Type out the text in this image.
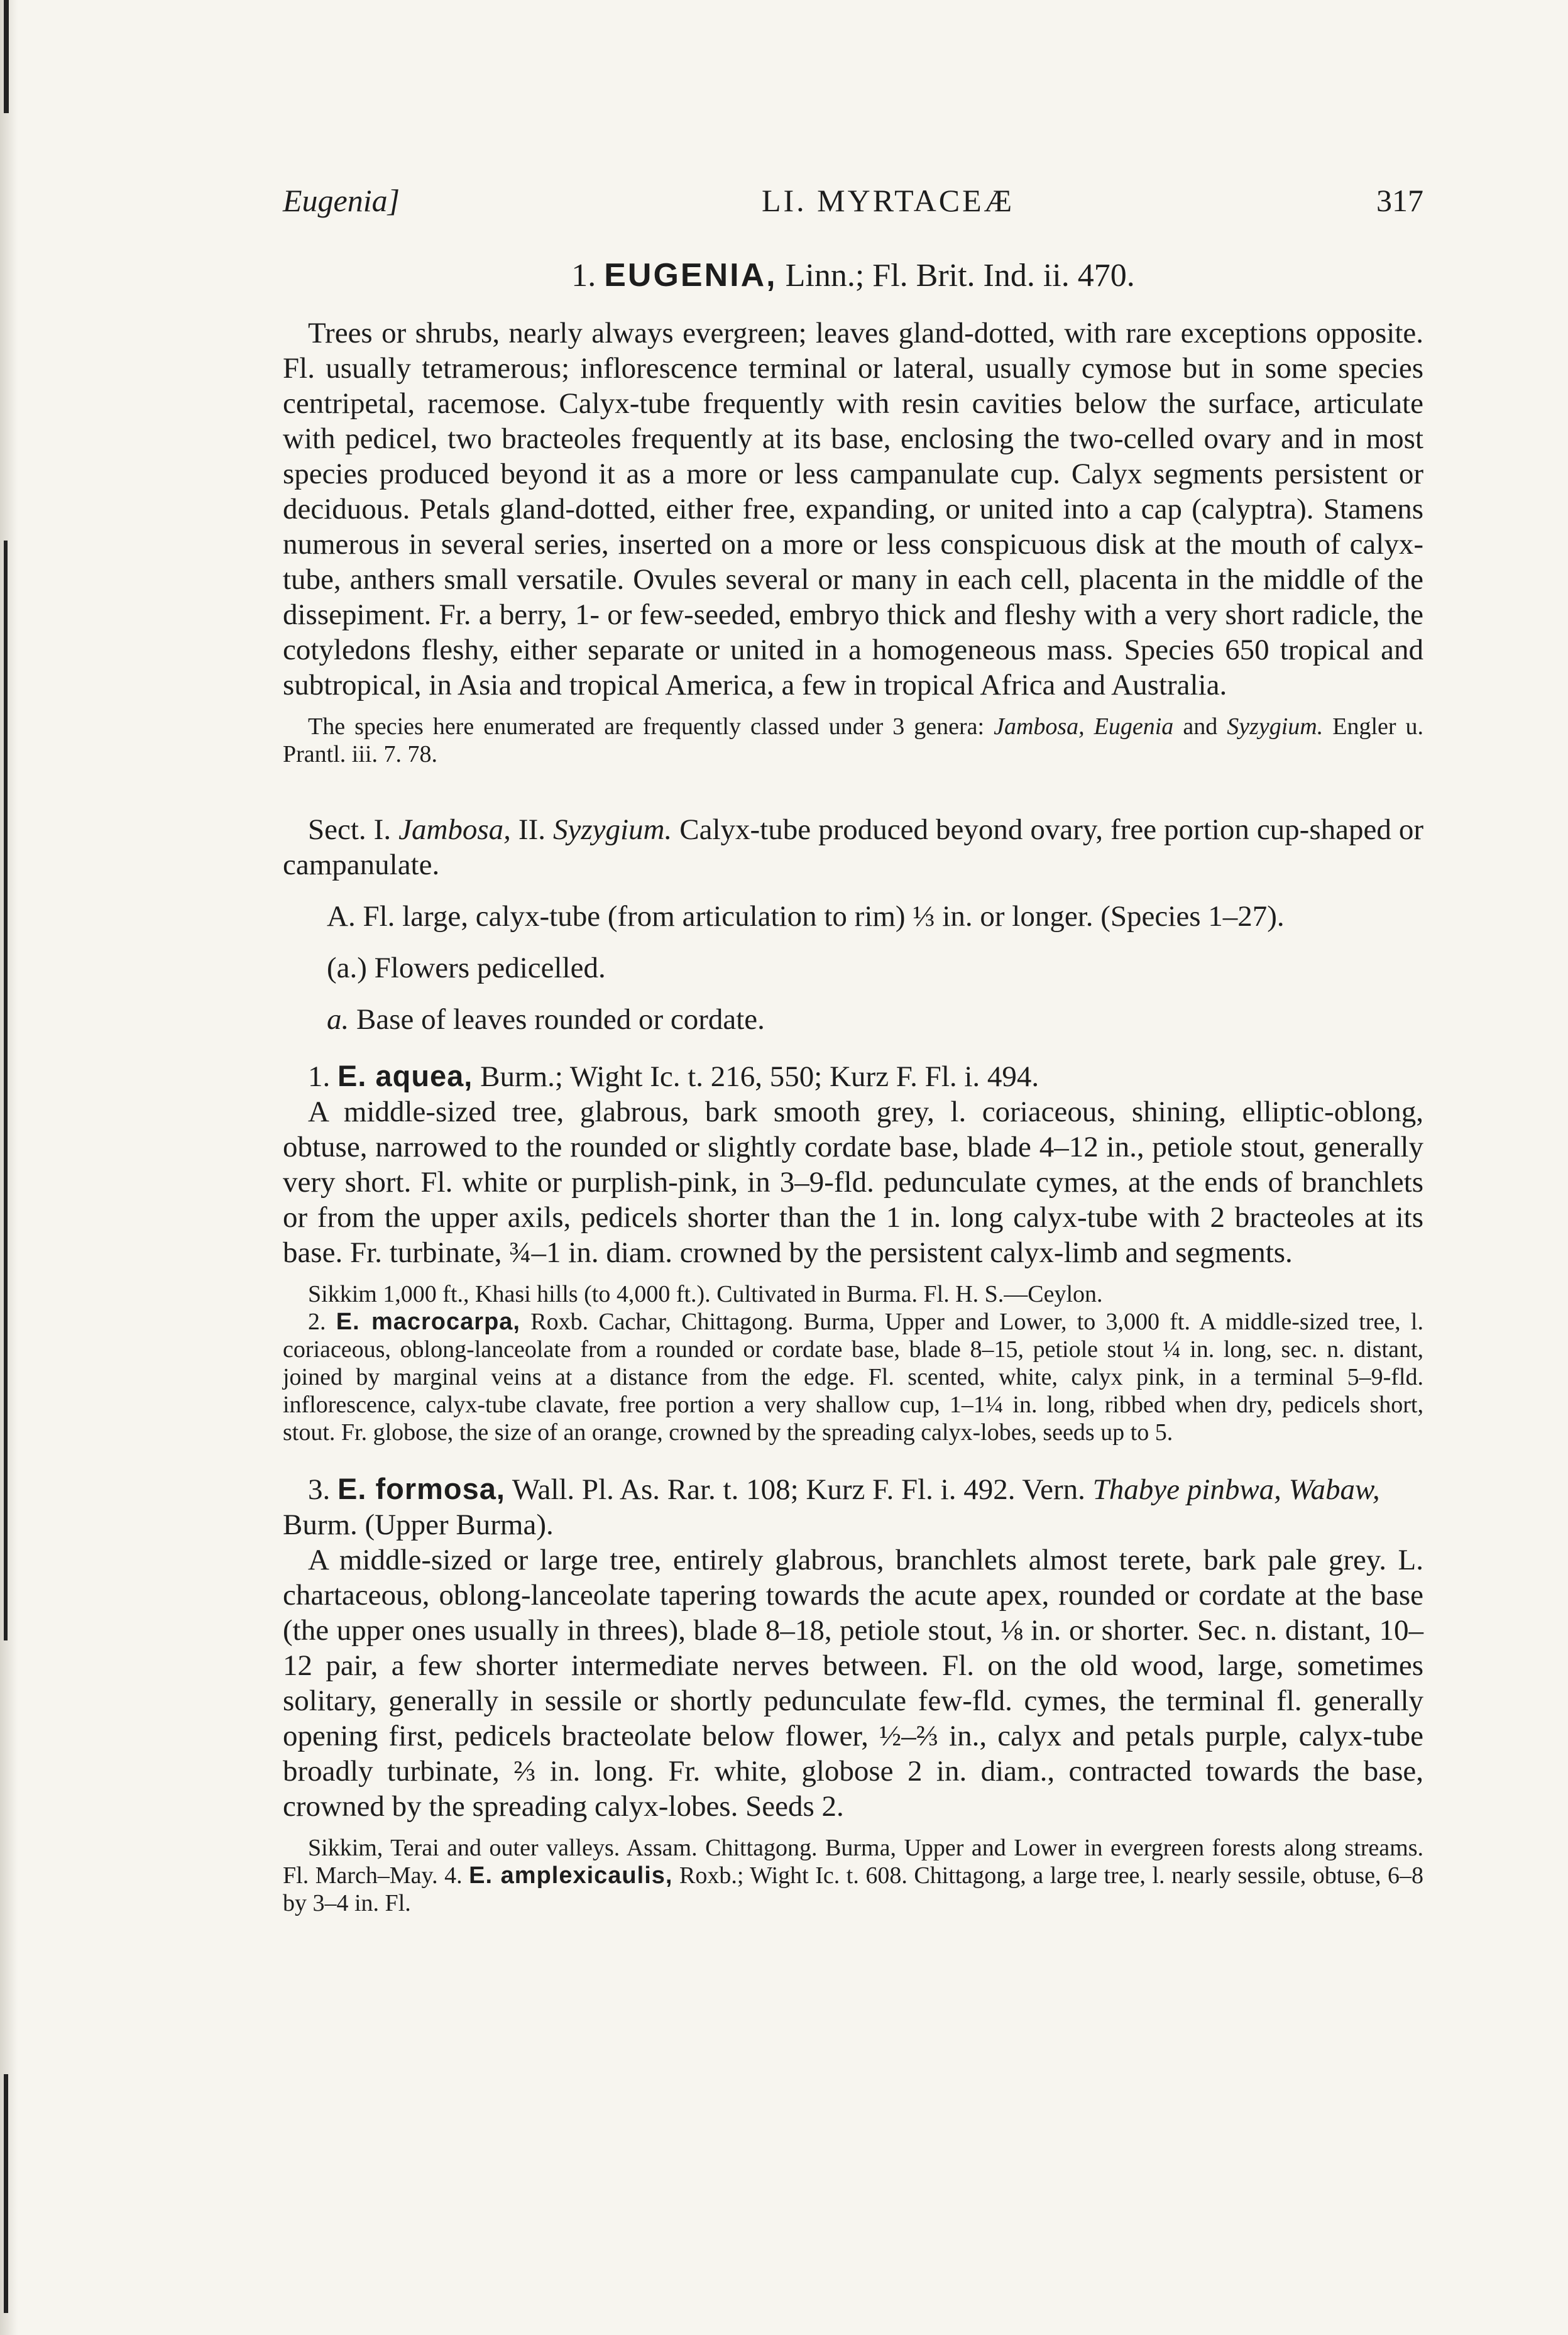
Eugenia]	LI. MYRTACEÆ	317
1. EUGENIA, Linn.; Fl. Brit. Ind. ii. 470.

Trees or shrubs, nearly always evergreen; leaves gland-dotted, with rare exceptions opposite. Fl. usually tetramerous; inflorescence terminal or lateral, usually cymose but in some species centripetal, racemose. Calyx-tube frequently with resin cavities below the surface, articulate with pedicel, two bracteoles frequently at its base, enclosing the two-celled ovary and in most species produced beyond it as a more or less campanulate cup. Calyx segments persistent or deciduous. Petals gland-dotted, either free, expanding, or united into a cap (calyptra). Stamens numerous in several series, inserted on a more or less conspicuous disk at the mouth of calyx-tube, anthers small versatile. Ovules several or many in each cell, placenta in the middle of the dissepiment. Fr. a berry, 1- or few-seeded, embryo thick and fleshy with a very short radicle, the cotyledons fleshy, either separate or united in a homogeneous mass. Species 650 tropical and subtropical, in Asia and tropical America, a few in tropical Africa and Australia.

The species here enumerated are frequently classed under 3 genera: Jambosa, Eugenia and Syzygium. Engler u. Prantl. iii. 7. 78.

Sect. I. Jambosa, II. Syzygium. Calyx-tube produced beyond ovary, free portion cup-shaped or campanulate.

A. Fl. large, calyx-tube (from articulation to rim) ⅓ in. or longer. (Species 1–27).

(a.) Flowers pedicelled.

a. Base of leaves rounded or cordate.

1. E. aquea, Burm.; Wight Ic. t. 216, 550; Kurz F. Fl. i. 494.

A middle-sized tree, glabrous, bark smooth grey, l. coriaceous, shining, elliptic-oblong, obtuse, narrowed to the rounded or slightly cordate base, blade 4–12 in., petiole stout, generally very short. Fl. white or purplish-pink, in 3–9-fld. pedunculate cymes, at the ends of branchlets or from the upper axils, pedicels shorter than the 1 in. long calyx-tube with 2 bracteoles at its base. Fr. turbinate, ¾–1 in. diam. crowned by the persistent calyx-limb and segments.

Sikkim 1,000 ft., Khasi hills (to 4,000 ft.). Cultivated in Burma. Fl. H. S.—Ceylon.

2. E. macrocarpa, Roxb. Cachar, Chittagong. Burma, Upper and Lower, to 3,000 ft. A middle-sized tree, l. coriaceous, oblong-lanceolate from a rounded or cordate base, blade 8–15, petiole stout ¼ in. long, sec. n. distant, joined by marginal veins at a distance from the edge. Fl. scented, white, calyx pink, in a terminal 5–9-fld. inflorescence, calyx-tube clavate, free portion a very shallow cup, 1–1¼ in. long, ribbed when dry, pedicels short, stout. Fr. globose, the size of an orange, crowned by the spreading calyx-lobes, seeds up to 5.

3. E. formosa, Wall. Pl. As. Rar. t. 108; Kurz F. Fl. i. 492. Vern. Thabye pinbwa, Wabaw, Burm. (Upper Burma).

A middle-sized or large tree, entirely glabrous, branchlets almost terete, bark pale grey. L. chartaceous, oblong-lanceolate tapering towards the acute apex, rounded or cordate at the base (the upper ones usually in threes), blade 8–18, petiole stout, ⅛ in. or shorter. Sec. n. distant, 10–12 pair, a few shorter intermediate nerves between. Fl. on the old wood, large, sometimes solitary, generally in sessile or shortly pedunculate few-fld. cymes, the terminal fl. generally opening first, pedicels bracteolate below flower, ½–⅔ in., calyx and petals purple, calyx-tube broadly turbinate, ⅔ in. long. Fr. white, globose 2 in. diam., contracted towards the base, crowned by the spreading calyx-lobes. Seeds 2.

Sikkim, Terai and outer valleys. Assam. Chittagong. Burma, Upper and Lower in evergreen forests along streams. Fl. March–May. 4. E. amplexicaulis, Roxb.; Wight Ic. t. 608. Chittagong, a large tree, l. nearly sessile, obtuse, 6–8 by 3–4 in. Fl.
